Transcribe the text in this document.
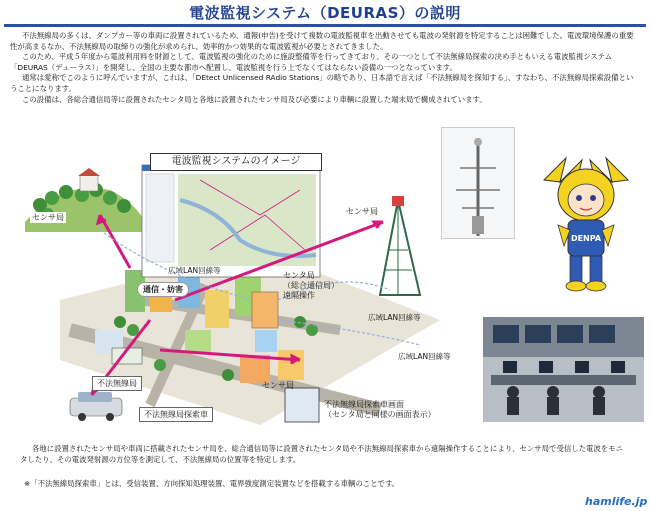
電波監視システム（DEURAS）の説明

不法無線局の多くは、ダンプカー等の車両に設置されているため、通報(申告)を受けて複数の電波監視車を出動させても電波の発射源を特定することは困難でした。電波環境保護の重要性が高まるなか、不法無線局の取締りの強化が求められ、効率的かつ効果的な電波監視が必要とされてきました。

このため、平成５年度から電波利用料を財源として、電波監視の強化のために施設整備等を行ってきており、その一つとして不法無線局探索の決め手ともいえる電波監視システム「DEURAS（デューラス）」を開発し、全国の主要な都市へ配置し、電波監視を行う上でなくてはならない設備の一つとなっています。

通常は愛称でこのように呼んでいますが、これは、「DEtect Unlicensed RAdio Stations」の略であり、日本語で言えば「不法無線局を探知する」、すなわち、不法無線局探索設備ということになります。

この設備は、各総合通信局等に設置されたセンタ局と各地に設置されたセンサ局及び必要により車輌に設置した端末局で構成されています。

電波監視システムのイメージ
センサ局
センサ局
センサ局
広域LAN回線等
広域LAN回線等
広域LAN回線等
センタ局
（総合通信局）
遠隔操作
通信・妨害
不法無線局
不法無線局探索車
不法無線局探索車画面
（センタ局と同様の画面表示）
DENPA

各地に設置されたセンサ局や車両に搭載されたセンサ局を、総合通信局等に設置されたセンタ局や不法無線局探索車から遠隔操作することにより、センサ局で受信した電波をモニタしたり、その電波発射源の方位等を測定して、不法無線局の位置等を特定します。

※「不法無線局探索車」とは、受信装置、方向探知処理装置、電界強度測定装置などを搭載する車輌のことです。
hamlife.jp
